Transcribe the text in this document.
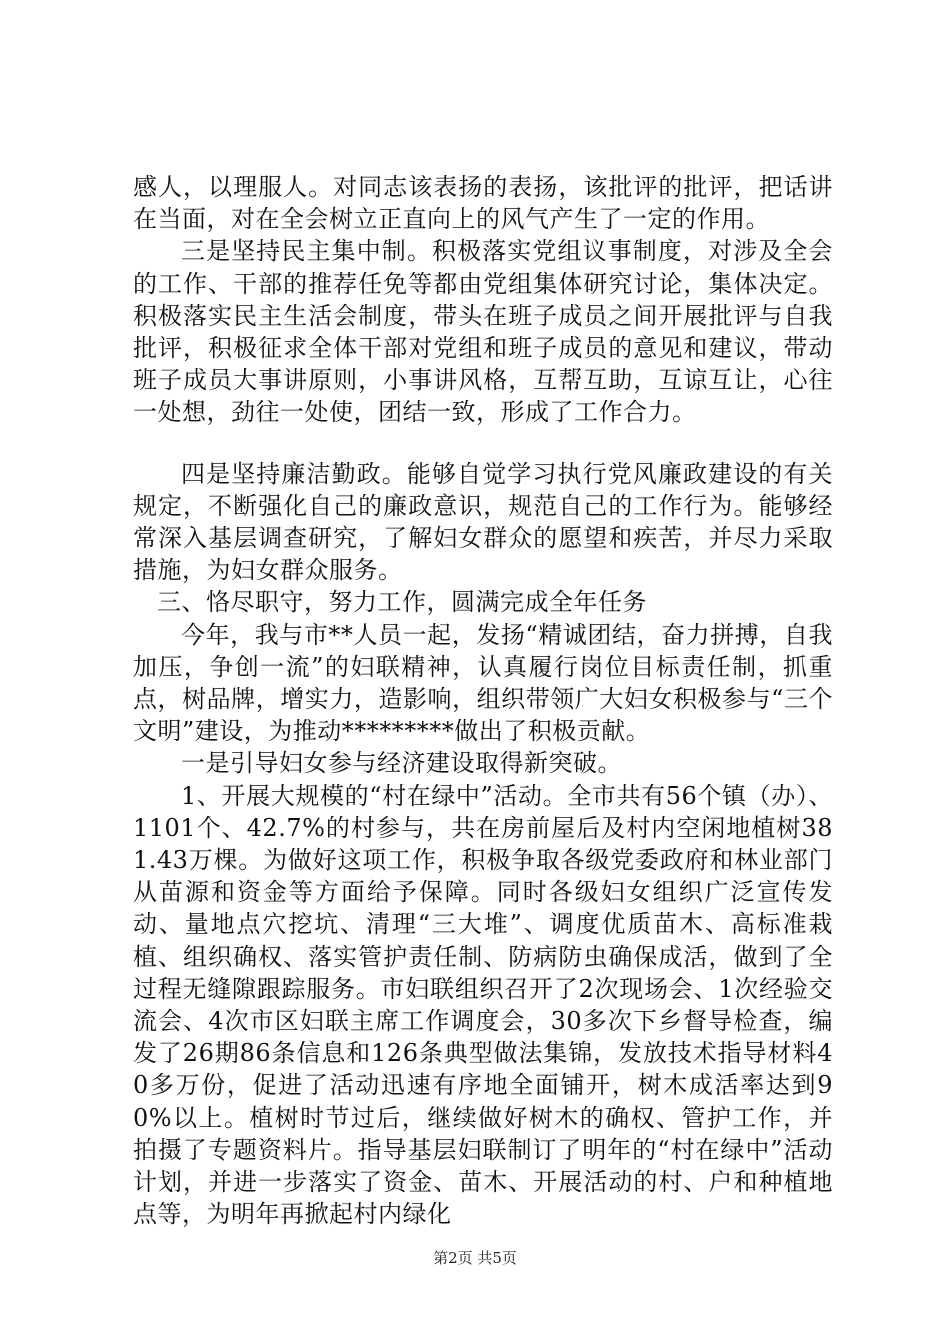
感人，以理服人。对同志该表扬的表扬，该批评的批评，把话讲在当面，对在全会树立正直向上的风气产生了一定的作用。

三是坚持民主集中制。积极落实党组议事制度，对涉及全会的工作、干部的推荐任免等都由党组集体研究讨论，集体决定。积极落实民主生活会制度，带头在班子成员之间开展批评与自我批评，积极征求全体干部对党组和班子成员的意见和建议，带动班子成员大事讲原则，小事讲风格，互帮互助，互谅互让，心往一处想，劲往一处使，团结一致，形成了工作合力。

四是坚持廉洁勤政。能够自觉学习执行党风廉政建设的有关规定，不断强化自己的廉政意识，规范自己的工作行为。能够经常深入基层调查研究，了解妇女群众的愿望和疾苦，并尽力采取措施，为妇女群众服务。

三、恪尽职守，努力工作，圆满完成全年任务

今年，我与市**人员一起，发扬“精诚团结，奋力拼搏，自我加压，争创一流”的妇联精神，认真履行岗位目标责任制，抓重点，树品牌，增实力，造影响，组织带领广大妇女积极参与“三个文明”建设，为推动*********做出了积极贡献。

一是引导妇女参与经济建设取得新突破。

1、开展大规模的“村在绿中”活动。全市共有56个镇（办）、1101个、42.7%的村参与，共在房前屋后及村内空闲地植树381.43万棵。为做好这项工作，积极争取各级党委政府和林业部门从苗源和资金等方面给予保障。同时各级妇女组织广泛宣传发动、量地点穴挖坑、清理“三大堆”、调度优质苗木、高标准栽植、组织确权、落实管护责任制、防病防虫确保成活，做到了全过程无缝隙跟踪服务。市妇联组织召开了2次现场会、1次经验交流会、4次市区妇联主席工作调度会，30多次下乡督导检查，编发了26期86条信息和126条典型做法集锦，发放技术指导材料40多万份，促进了活动迅速有序地全面铺开，树木成活率达到90%以上。植树时节过后，继续做好树木的确权、管护工作，并拍摄了专题资料片。指导基层妇联制订了明年的“村在绿中”活动计划，并进一步落实了资金、苗木、开展活动的村、户和种植地点等，为明年再掀起村内绿化

第2页 共5页
